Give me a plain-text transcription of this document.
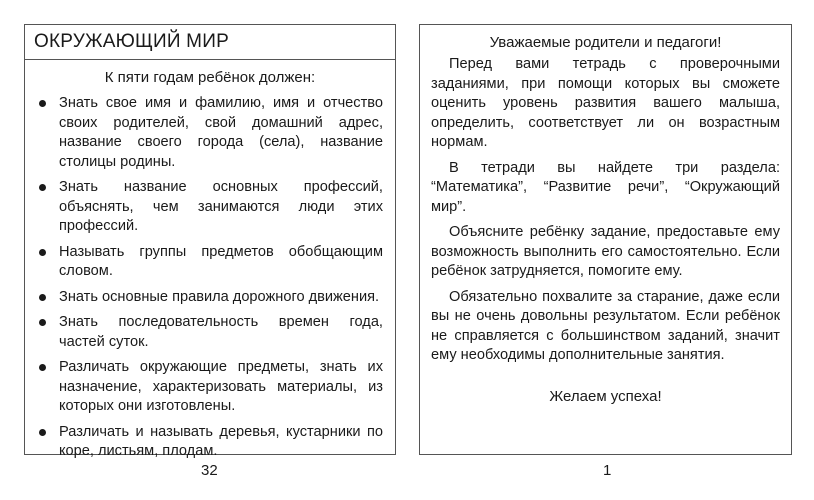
ОКРУЖАЮЩИЙ МИР
К пяти годам ребёнок должен:
Знать свое имя и фамилию, имя и отчество своих родителей, свой домашний адрес, название своего города (села), название столицы родины.
Знать название основных профессий, объяснять, чем занимаются люди этих профессий.
Называть группы предметов обобщающим словом.
Знать основные правила дорожного движения.
Знать последовательность времен года, частей суток.
Различать окружающие предметы, знать их назначение, характеризовать материалы, из которых они изготовлены.
Различать и называть деревья, кустарники по коре, листьям, плодам.
Уважаемые родители и педагоги!

Перед вами тетрадь с проверочными заданиями, при помощи которых вы сможете оценить уровень развития вашего малыша, определить, соответствует ли он возрастным нормам.

В тетради вы найдете три раздела: “Математика”, “Развитие речи”, “Окружающий мир”.

Объясните ребёнку задание, предоставьте ему возможность выполнить его самостоятельно. Если ребёнок затрудняется, помогите ему.

Обязательно похвалите за старание, даже если вы не очень довольны результатом. Если ребёнок не справляется с большинством заданий, значит ему необходимы дополнительные занятия.

Желаем успеха!
32	1
